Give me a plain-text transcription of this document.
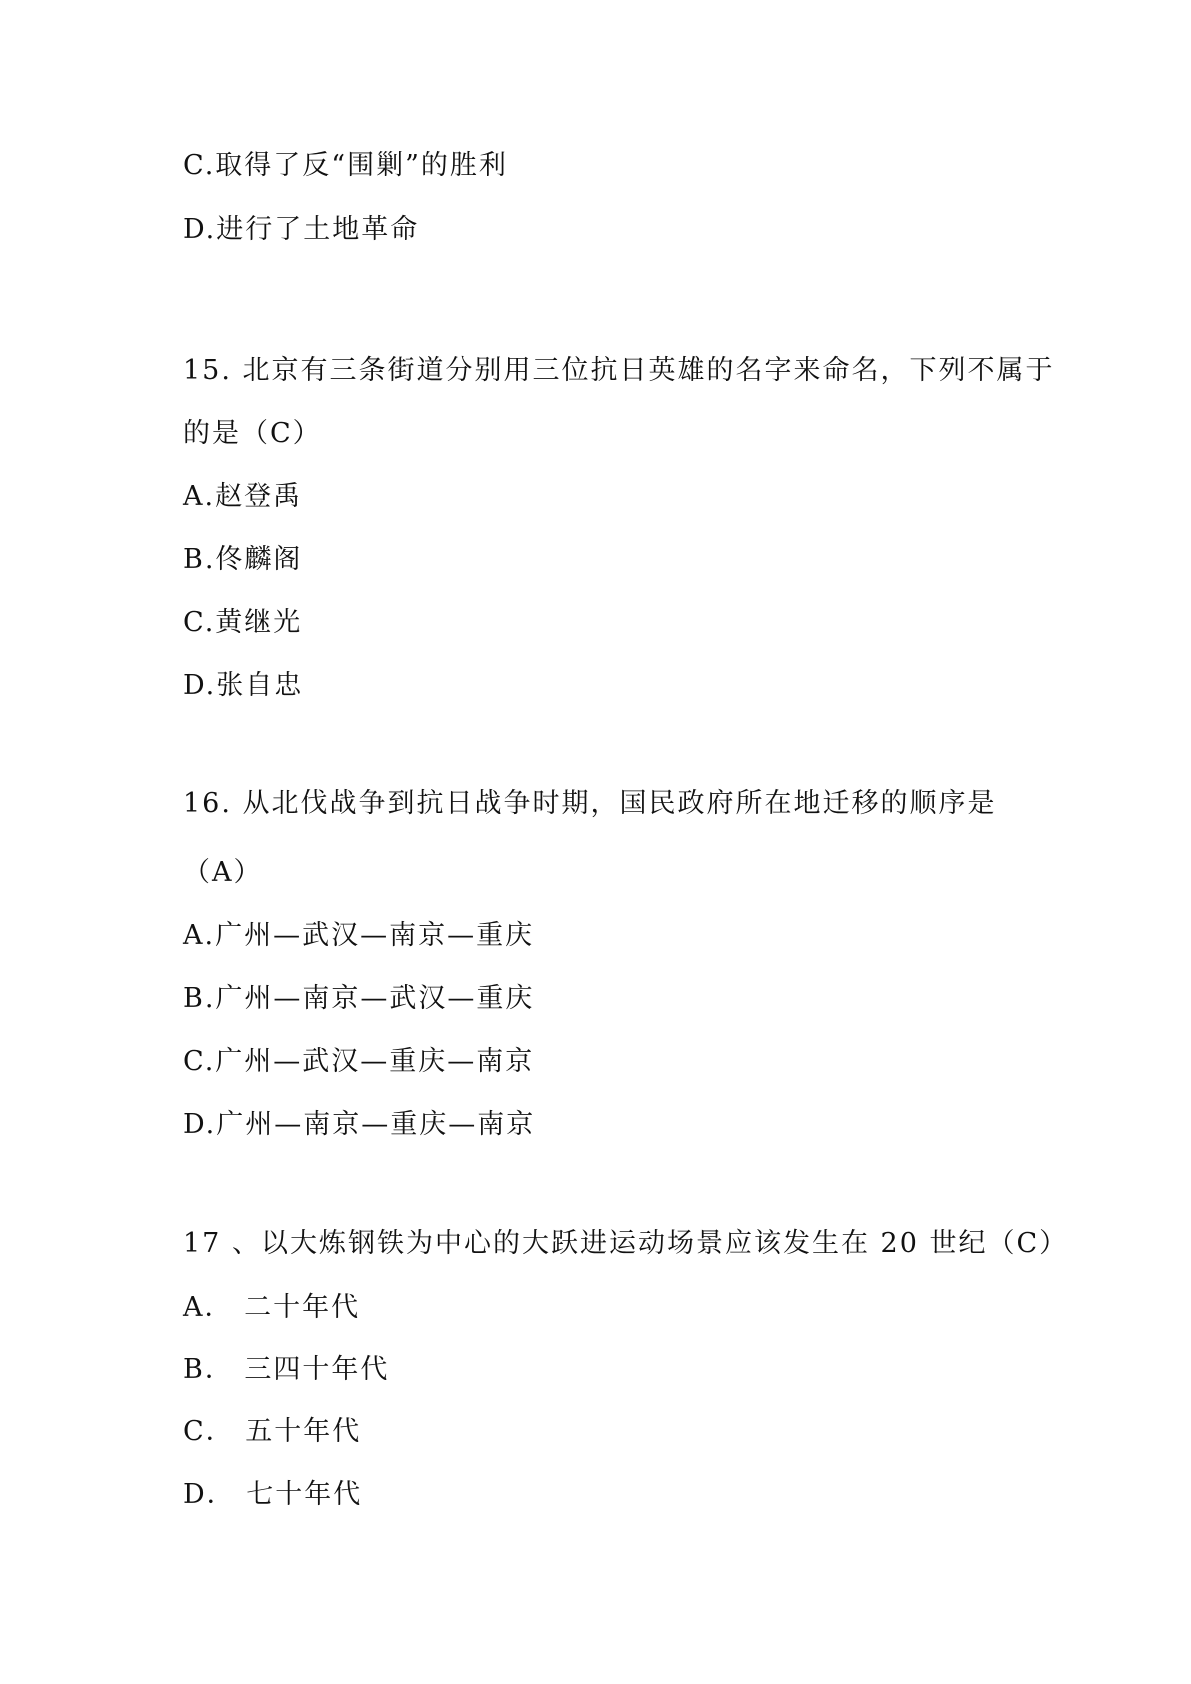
C.取得了反“围剿”的胜利
D.进行了土地革命
15. 北京有三条街道分别用三位抗日英雄的名字来命名，下列不属于
的是（C）
A.赵登禹
B.佟麟阁
C.黄继光
D.张自忠
16. 从北伐战争到抗日战争时期，国民政府所在地迁移的顺序是
（A）
A.广州—武汉—南京—重庆
B.广州—南京—武汉—重庆
C.广州—武汉—重庆—南京
D.广州—南京—重庆—南京
17 、以大炼钢铁为中心的大跃进运动场景应该发生在 20 世纪（C）
A． 二十年代
B． 三四十年代
C． 五十年代
D． 七十年代
